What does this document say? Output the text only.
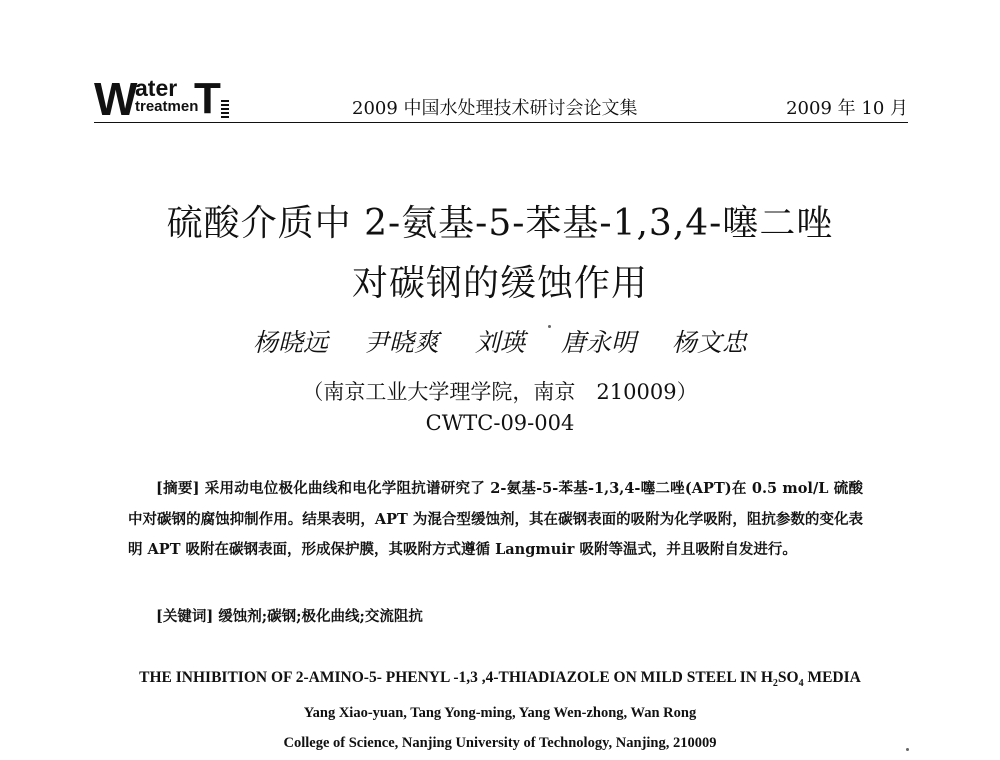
W ater
treatmen
T	2009 中国水处理技术研讨会论文集	2009 年 10 月
硫酸介质中 2-氨基-5-苯基-1,3,4-噻二唑
对碳钢的缓蚀作用
杨晓远 尹晓爽 刘瑛 唐永明 杨文忠
（南京工业大学理学院，南京　210009）
CWTC-09-004

[摘要] 采用动电位极化曲线和电化学阻抗谱研究了 2-氨基-5-苯基-1,3,4-噻二唑(APT)在 0.5 mol/L 硫酸中对碳钢的腐蚀抑制作用。结果表明，APT 为混合型缓蚀剂，其在碳钢表面的吸附为化学吸附，阻抗参数的变化表明 APT 吸附在碳钢表面，形成保护膜，其吸附方式遵循 Langmuir 吸附等温式，并且吸附自发进行。

[关键词] 缓蚀剂;碳钢;极化曲线;交流阻抗
THE INHIBITION OF 2-AMINO-5- PHENYL -1,3 ,4-THIADIAZOLE ON MILD STEEL IN $H_2SO_4$ MEDIA
Yang Xiao-yuan, Tang Yong-ming, Yang Wen-zhong, Wan Rong
College of Science, Nanjing University of Technology, Nanjing, 210009
